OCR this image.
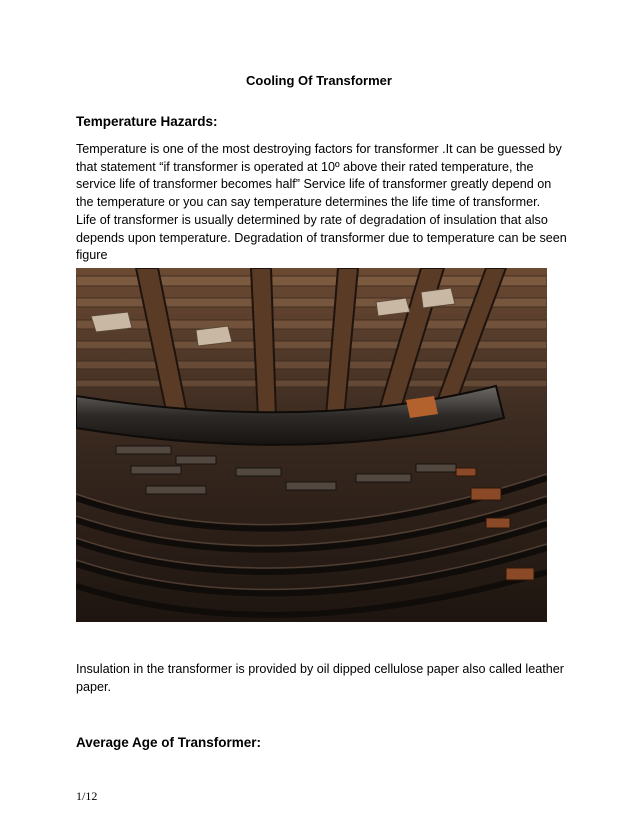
Cooling Of Transformer
Temperature Hazards:
Temperature is one of the most destroying factors for transformer .It can be guessed by
that statement “if transformer is operated at 10º above their rated temperature, the
service life of transformer becomes half” Service life of transformer greatly depend on
the temperature or you can say temperature determines the life time of transformer.
Life of transformer is usually determined by rate of degradation of insulation that also
depends upon temperature. Degradation of transformer due to temperature can be seen
figure
Insulation in the transformer is provided by oil dipped cellulose paper also called leather
paper.
Average Age of Transformer:
1/12
